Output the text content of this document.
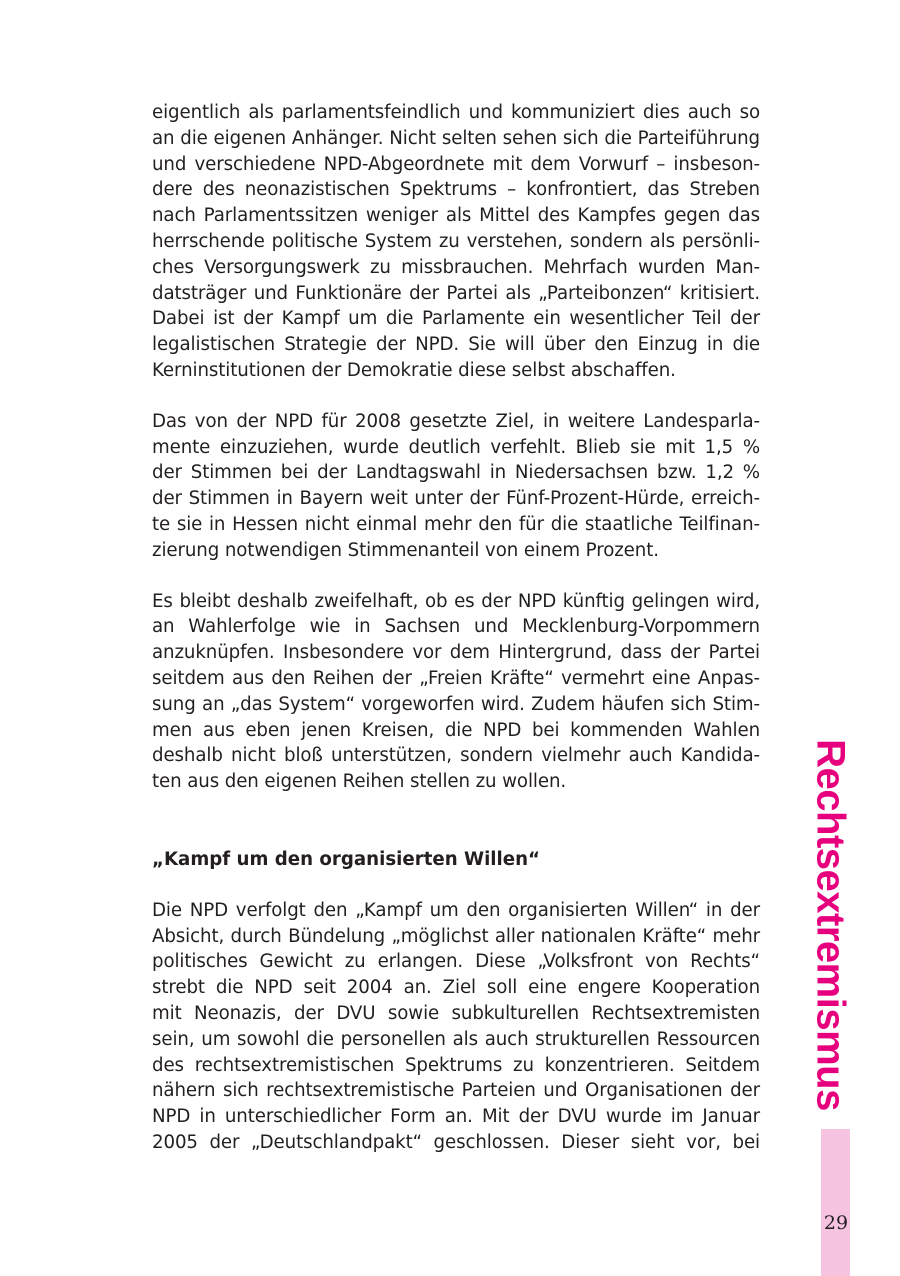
eigentlich als parlamentsfeindlich und kommuniziert dies auch so
an die eigenen Anhänger. Nicht selten sehen sich die Parteiführung
und verschiedene NPD-Abgeordnete mit dem Vorwurf – insbeson-
dere des neonazistischen Spektrums – konfrontiert, das Streben
nach Parlamentssitzen weniger als Mittel des Kampfes gegen das
herrschende politische System zu verstehen, sondern als persönli-
ches Versorgungswerk zu missbrauchen. Mehrfach wurden Man-
datsträger und Funktionäre der Partei als „Parteibonzen“ kritisiert.
Dabei ist der Kampf um die Parlamente ein wesentlicher Teil der
legalistischen Strategie der NPD. Sie will über den Einzug in die
Kerninstitutionen der Demokratie diese selbst abschaffen.

Das von der NPD für 2008 gesetzte Ziel, in weitere Landesparla-
mente einzuziehen, wurde deutlich verfehlt. Blieb sie mit 1,5 %
der Stimmen bei der Landtagswahl in Niedersachsen bzw. 1,2 %
der Stimmen in Bayern weit unter der Fünf-Prozent-Hürde, erreich-
te sie in Hessen nicht einmal mehr den für die staatliche Teilfinan-
zierung notwendigen Stimmenanteil von einem Prozent.

Es bleibt deshalb zweifelhaft, ob es der NPD künftig gelingen wird,
an Wahlerfolge wie in Sachsen und Mecklenburg-Vorpommern
anzuknüpfen. Insbesondere vor dem Hintergrund, dass der Partei
seitdem aus den Reihen der „Freien Kräfte“ vermehrt eine Anpas-
sung an „das System“ vorgeworfen wird. Zudem häufen sich Stim-
men aus eben jenen Kreisen, die NPD bei kommenden Wahlen
deshalb nicht bloß unterstützen, sondern vielmehr auch Kandida-
ten aus den eigenen Reihen stellen zu wollen.

„Kampf um den organisierten Willen“

Die NPD verfolgt den „Kampf um den organisierten Willen“ in der
Absicht, durch Bündelung „möglichst aller nationalen Kräfte“ mehr
politisches Gewicht zu erlangen. Diese „Volksfront von Rechts“
strebt die NPD seit 2004 an. Ziel soll eine engere Kooperation
mit Neonazis, der DVU sowie subkulturellen Rechtsextremisten
sein, um sowohl die personellen als auch strukturellen Ressourcen
des rechtsextremistischen Spektrums zu konzentrieren. Seitdem
nähern sich rechtsextremistische Parteien und Organisationen der
NPD in unterschiedlicher Form an. Mit der DVU wurde im Januar
2005 der „Deutschlandpakt“ geschlossen. Dieser sieht vor, bei

Rechtsextremismus
29
